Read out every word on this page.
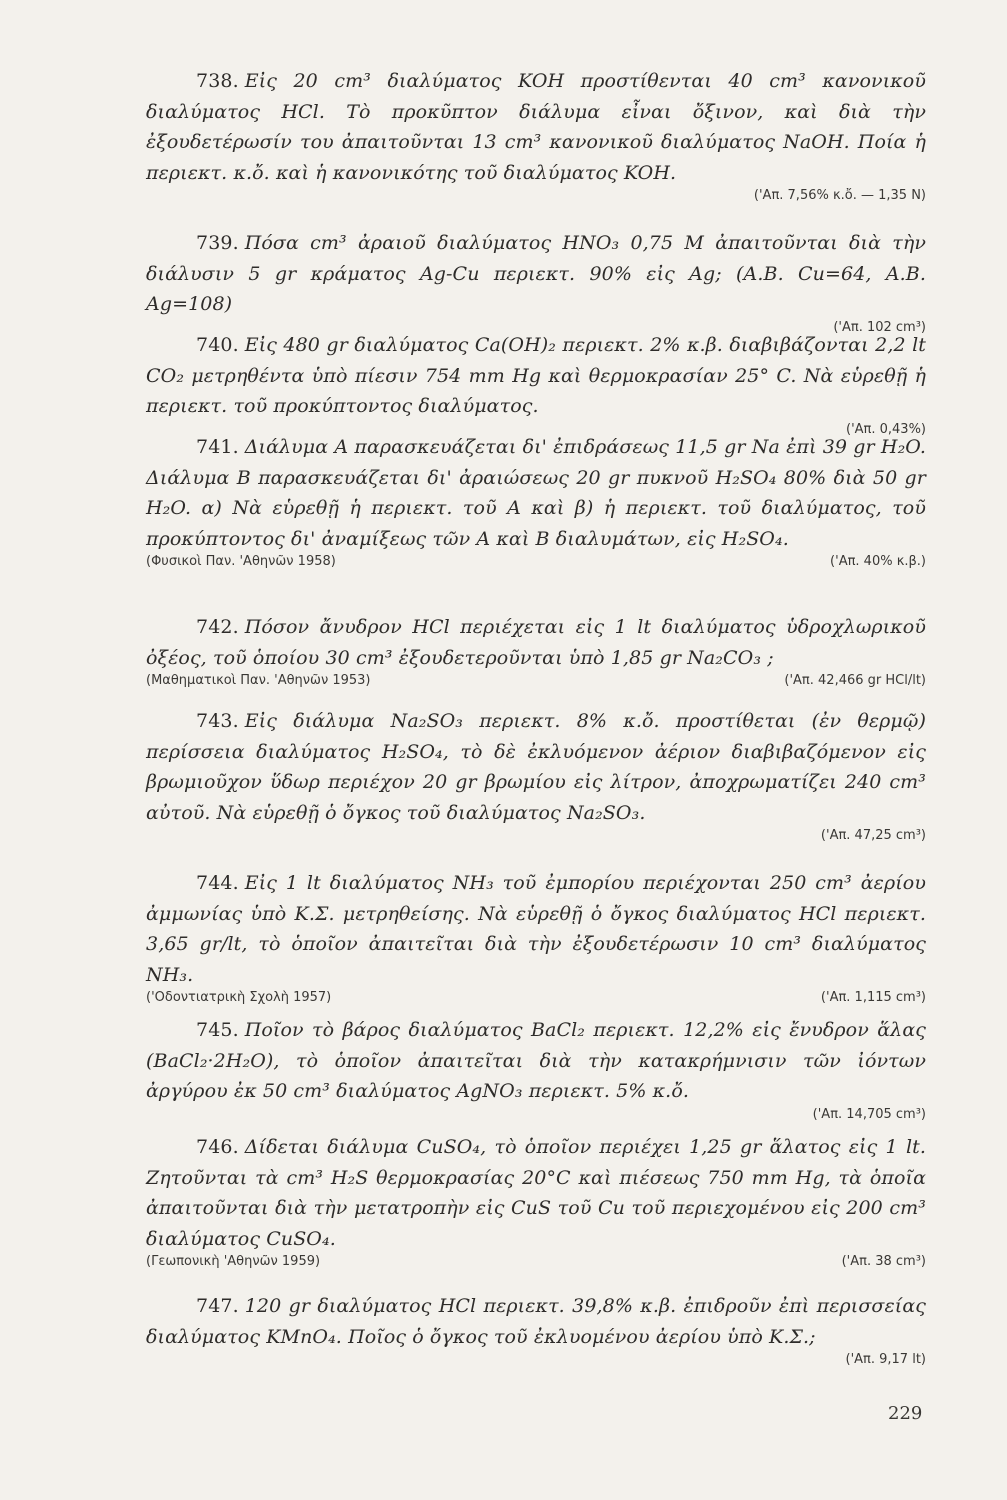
738. Εἰς 20 cm³ διαλύματος KOH προστίθενται 40 cm³ κανονικοῦ διαλύματος HCl. Τὸ προκῦπτον διάλυμα εἶναι ὄξινον, καὶ διὰ τὴν ἐξουδετέρωσίν του ἀπαιτοῦνται 13 cm³ κανονικοῦ διαλύματος NaOH. Ποία ἡ περιεκτ. κ.ὄ. καὶ ἡ κανονικότης τοῦ διαλύματος KOH.

('Απ. 7,56% κ.ὄ. — 1,35 N)

739. Πόσα cm³ ἀραιοῦ διαλύματος HNO₃ 0,75 M ἀπαιτοῦνται διὰ τὴν διάλυσιν 5 gr κράματος Ag-Cu περιεκτ. 90% εἰς Ag; (A.B. Cu=64, A.B. Ag=108)

('Απ. 102 cm³)

740. Εἰς 480 gr διαλύματος Ca(OH)₂ περιεκτ. 2% κ.β. διαβιβάζονται 2,2 lt CO₂ μετρηθέντα ὑπὸ πίεσιν 754 mm Hg καὶ θερμοκρασίαν 25° C. Νὰ εὑρεθῇ ἡ περιεκτ. τοῦ προκύπτοντος διαλύματος.

('Απ. 0,43%)

741. Διάλυμα A παρασκευάζεται δι' ἐπιδράσεως 11,5 gr Na ἐπὶ 39 gr H₂O. Διάλυμα B παρασκευάζεται δι' ἀραιώσεως 20 gr πυκνοῦ H₂SO₄ 80% διὰ 50 gr H₂O. α) Νὰ εὑρεθῇ ἡ περιεκτ. τοῦ A καὶ β) ἡ περιεκτ. τοῦ διαλύματος, τοῦ προκύπτοντος δι' ἀναμίξεως τῶν A καὶ B διαλυμάτων, εἰς H₂SO₄.

(Φυσικοὶ Παν. 'Αθηνῶν 1958)	('Απ. 40% κ.β.)

742. Πόσον ἄνυδρον HCl περιέχεται εἰς 1 lt διαλύματος ὑδροχλωρικοῦ ὀξέος, τοῦ ὁποίου 30 cm³ ἐξουδετεροῦνται ὑπὸ 1,85 gr Na₂CO₃ ;

(Μαθηματικοὶ Παν. 'Αθηνῶν 1953)	('Απ. 42,466 gr HCl/lt)

743. Εἰς διάλυμα Na₂SO₃ περιεκτ. 8% κ.ὄ. προστίθεται (ἐν θερμῷ) περίσσεια διαλύματος H₂SO₄, τὸ δὲ ἐκλυόμενον ἀέριον διαβιβαζόμενον εἰς βρωμιοῦχον ὕδωρ περιέχον 20 gr βρωμίου εἰς λίτρον, ἀποχρωματίζει 240 cm³ αὐτοῦ. Νὰ εὑρεθῇ ὁ ὄγκος τοῦ διαλύματος Na₂SO₃.

('Απ. 47,25 cm³)

744. Εἰς 1 lt διαλύματος NH₃ τοῦ ἐμπορίου περιέχονται 250 cm³ ἀερίου ἀμμωνίας ὑπὸ K.Σ. μετρηθείσης. Νὰ εὑρεθῇ ὁ ὄγκος διαλύματος HCl περιεκτ. 3,65 gr/lt, τὸ ὁποῖον ἀπαιτεῖται διὰ τὴν ἐξουδετέρωσιν 10 cm³ διαλύματος NH₃.

('Οδοντιατρικὴ Σχολὴ 1957)	('Απ. 1,115 cm³)

745. Ποῖον τὸ βάρος διαλύματος BaCl₂ περιεκτ. 12,2% εἰς ἔνυδρον ἅλας (BaCl₂·2H₂O), τὸ ὁποῖον ἀπαιτεῖται διὰ τὴν κατακρήμνισιν τῶν ἰόντων ἀργύρου ἐκ 50 cm³ διαλύματος AgNO₃ περιεκτ. 5% κ.ὄ.

('Απ. 14,705 cm³)

746. Δίδεται διάλυμα CuSO₄, τὸ ὁποῖον περιέχει 1,25 gr ἅλατος εἰς 1 lt. Ζητοῦνται τὰ cm³ H₂S θερμοκρασίας 20°C καὶ πιέσεως 750 mm Hg, τὰ ὁποῖα ἀπαιτοῦνται διὰ τὴν μετατροπὴν εἰς CuS τοῦ Cu τοῦ περιεχομένου εἰς 200 cm³ διαλύματος CuSO₄.

(Γεωπονικὴ 'Αθηνῶν 1959)	('Απ. 38 cm³)

747. 120 gr διαλύματος HCl περιεκτ. 39,8% κ.β. ἐπιδροῦν ἐπὶ περισσείας διαλύματος KMnO₄. Ποῖος ὁ ὄγκος τοῦ ἐκλυομένου ἀερίου ὑπὸ K.Σ.;

('Απ. 9,17 lt)
229
